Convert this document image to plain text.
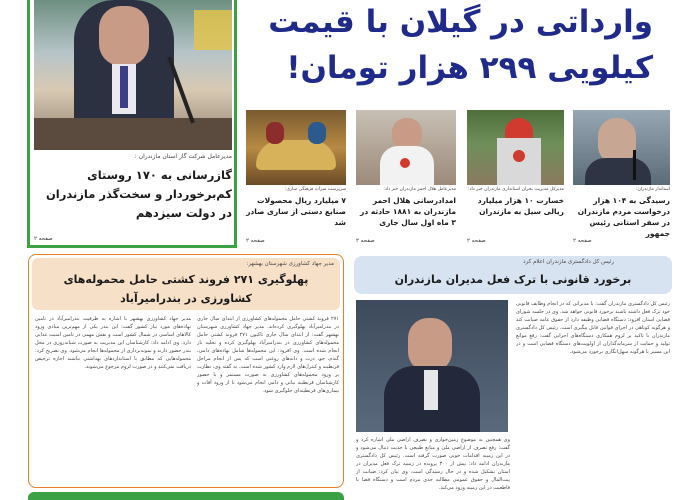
مدیرعامل شرکت گاز استان مازندران :
گازرسانی به ۱۷۰ روستای کم‌برخوردار و سخت‌گذر مازندران در دولت سیزدهم
صفحه ۲
وارداتی در گیلان با قیمت
کیلویی ۲۹۹ هزار تومان!
استاندار مازندران:
رسیدگی به ۱۰۴ هزار درخواست مردم مازندران در سفر استانی رئیس جمهور
صفحه ۲
مدیرکل مدیریت بحران استانداری مازندران خبر داد:
خسارت ۱۰ هزار میلیارد ریالی سیل به مازندران
صفحه ۲
مدیرعامل هلال احمر مازندران خبر داد:
امدادرسانی هلال احمر مازندران به ۱۸۸۱ حادثه در ۳ ماه اول سال جاری
صفحه ۲
سرپرست میراث فرهنگی ساری:
۷ میلیارد ریال محصولات صنایع دستی از ساری صادر شد
صفحه ۲
مدیر جهاد کشاورزی شهرستان بهشهر:
پهلوگیری ۲۷۱ فروند کشتی حامل محموله‌های کشاورزی در بندرامیرآباد
۲۷۱ فروند کشتی حامل محموله‌های کشاورزی از ابتدای سال جاری در بندرامیرآباد پهلوگیری کرده‌اند. مدیر جهاد کشاورزی شهرستان بهشهر گفت: از ابتدای سال جاری تاکنون ۲۷۱ فروند کشتی حامل محموله‌های کشاورزی در بندرامیرآباد پهلوگیری کرده و تخلیه بار انجام شده است. وی افزود: این محموله‌ها شامل نهاده‌های دامی، گندم، جو، ذرت و دانه‌های روغنی است که پس از انجام مراحل قرنطینه و کنترل‌های لازم وارد کشور شده است. به گفته وی، نظارت بر ورود محموله‌های کشاورزی به صورت مستمر و با حضور کارشناسان قرنطینه نباتی و دامی انجام می‌شود تا از ورود آفات و بیماری‌های قرنطینه‌ای جلوگیری شود.
مدیر جهاد کشاورزی بهشهر با اشاره به ظرفیت بندرامیرآباد در تامین نهاده‌های مورد نیاز کشور گفت: این بندر یکی از مهم‌ترین مبادی ورود کالاهای اساسی در شمال کشور است و نقش مهمی در تامین امنیت غذایی دارد. وی ادامه داد: کارشناسان این مدیریت به صورت شبانه‌روزی در محل بندر حضور دارند و نمونه‌برداری از محموله‌ها انجام می‌شود. وی تصریح کرد: محموله‌هایی که مطابق با استانداردهای بهداشتی نباشند اجازه ترخیص دریافت نمی‌کنند و در صورت لزوم مرجوع می‌شوند.
رئیس کل دادگستری مازندران اعلام کرد
برخورد قانونی با ترک فعل مدیران مازندران
رئیس کل دادگستری مازندران گفت: با مدیرانی که در انجام وظایف قانونی خود ترک فعل داشته باشند برخورد قانونی خواهد شد. وی در جلسه شورای قضایی استان افزود: دستگاه قضایی وظیفه دارد از حقوق عامه صیانت کند و هرگونه کوتاهی در اجرای قوانین قابل پیگیری است. رئیس کل دادگستری مازندران با تاکید بر لزوم همکاری دستگاه‌های اجرایی گفت: رفع موانع تولید و حمایت از سرمایه‌گذاران از اولویت‌های دستگاه قضایی است و در این مسیر با هرگونه سهل‌انگاری برخورد می‌شود.
وی همچنین به موضوع زمین‌خواری و تصرف اراضی ملی اشاره کرد و گفت: رفع تصرف از اراضی ملی و منابع طبیعی با جدیت دنبال می‌شود و در این زمینه اقدامات خوبی صورت گرفته است. رئیس کل دادگستری مازندران ادامه داد: بیش از ۳۰۰ پرونده در زمینه ترک فعل مدیران در استان تشکیل شده و در حال رسیدگی است. وی بیان کرد: صیانت از بیت‌المال و حقوق عمومی مطالبه جدی مردم است و دستگاه قضا با قاطعیت در این زمینه ورود می‌کند.
